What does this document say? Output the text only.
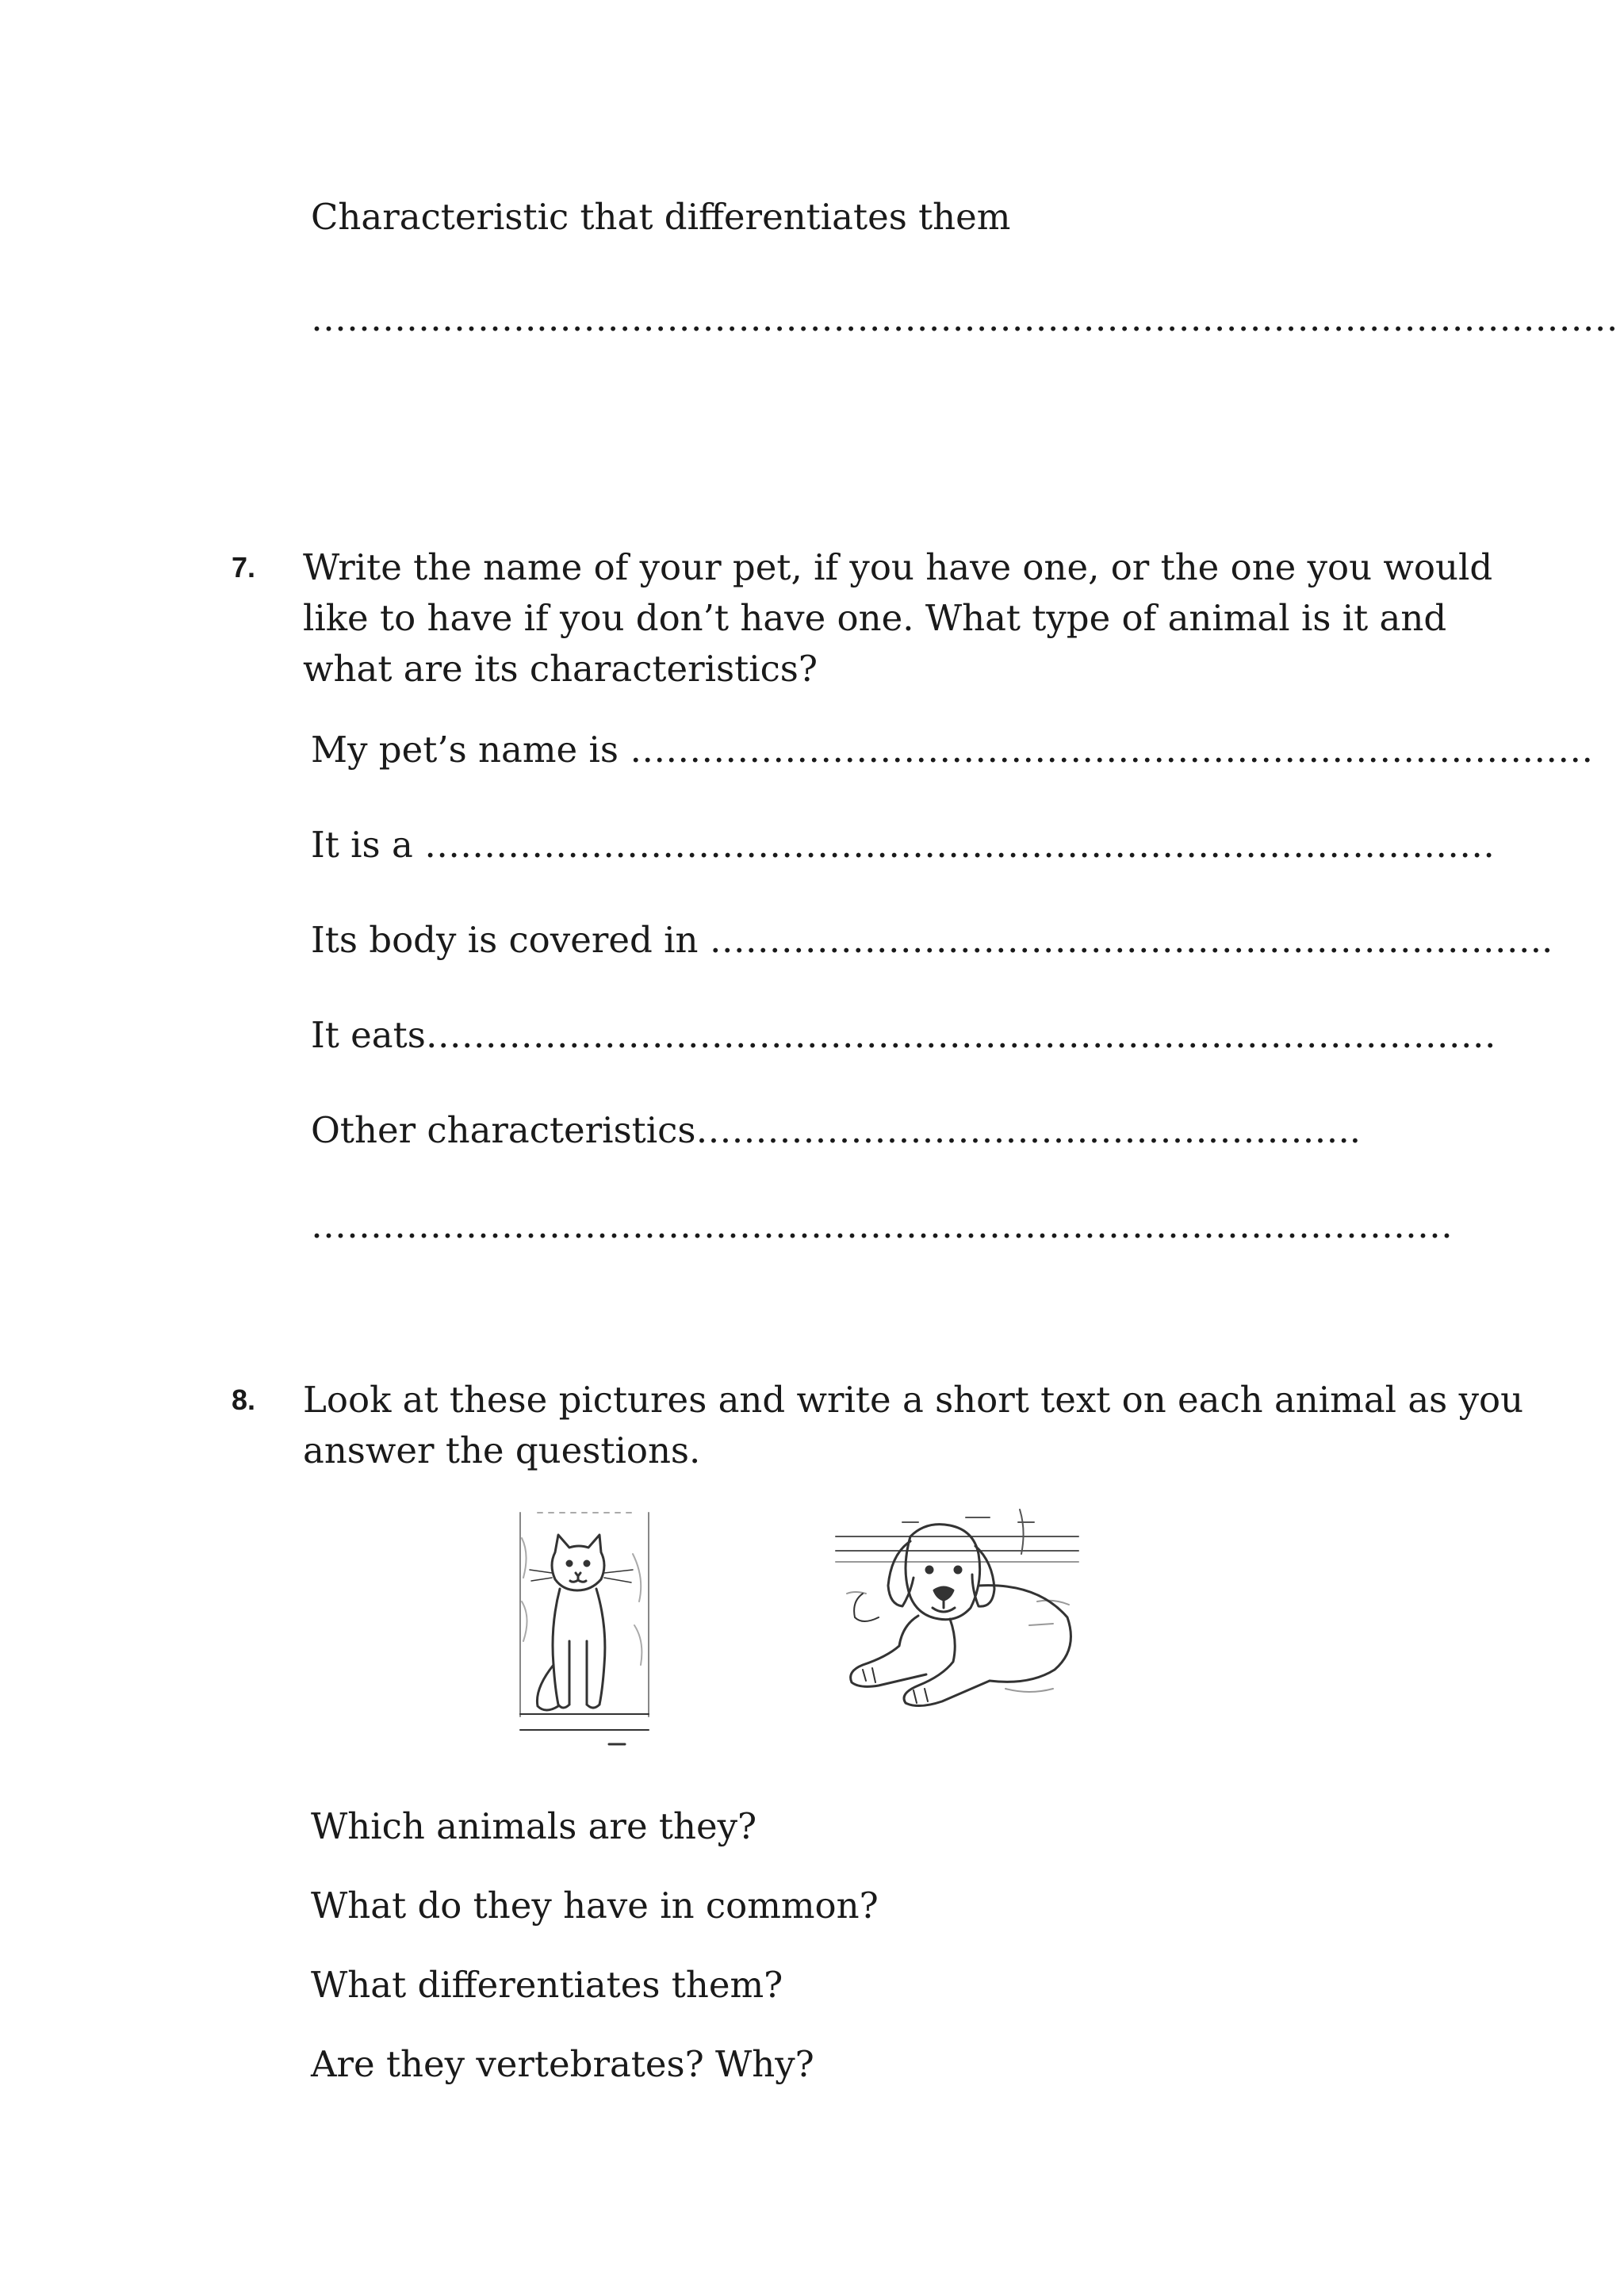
Characteristic that differentiates them

………………..………………………………………………………………………………

7. Write the name of your pet, if you have one, or the one you would

like to have if you don’t have one. What type of animal is it and

what are its characteristics?

My pet’s name is ………………………………………………………………………

It is a ………………………………………………………………………………

Its body is covered in ……………………………………………………………..

It eats………………………………………………………………………………

Other characteristics………………………………………………..

……………………………………………………………………………………

8. Look at these pictures and write a short text on each animal as you

answer the questions.

Which animals are they?

What do they have in common?

What differentiates them?

Are they vertebrates? Why?
